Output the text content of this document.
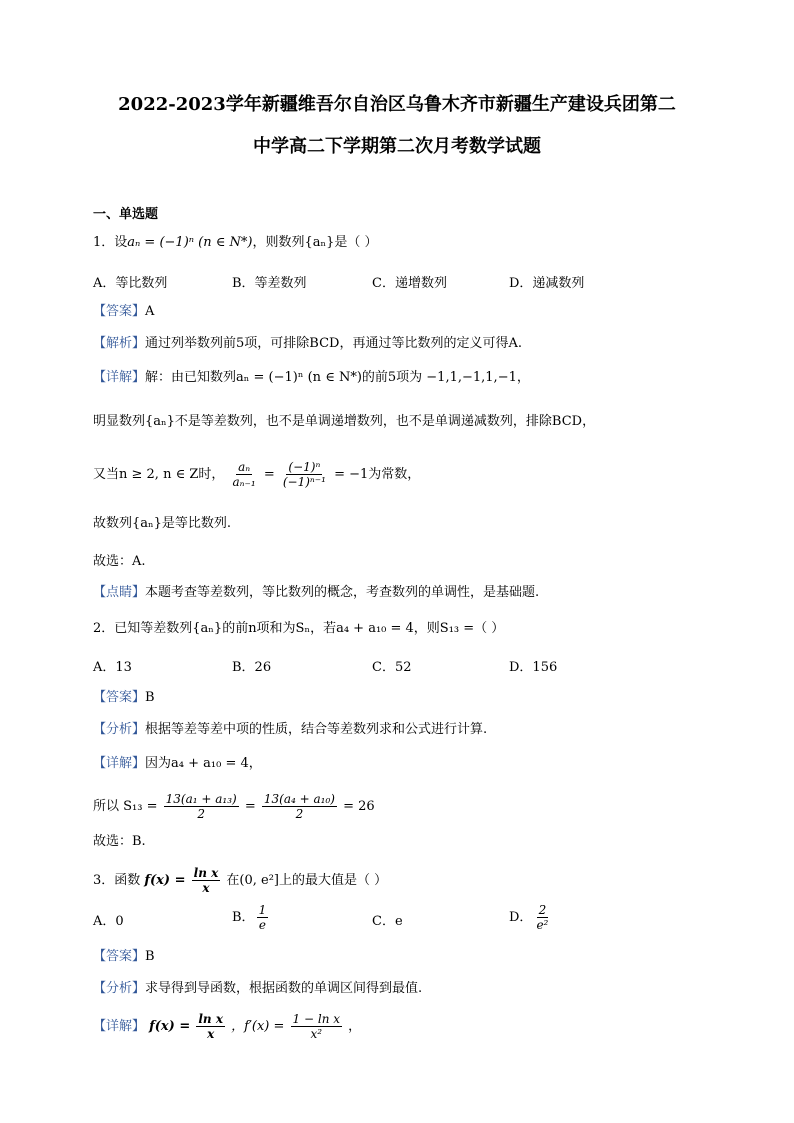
2022-2023学年新疆维吾尔自治区乌鲁木齐市新疆生产建设兵团第二
中学高二下学期第二次月考数学试题
一、单选题
1．设aₙ = (−1)ⁿ (n ∈ N*)，则数列{aₙ}是（ ）
A．等比数列	B．等差数列	C．递增数列	D．递减数列
【答案】A
【解析】通过列举数列前5项，可排除BCD，再通过等比数列的定义可得A.
【详解】解：由已知数列aₙ = (−1)ⁿ (n ∈ N*)的前5项为 −1,1,−1,1,−1，
明显数列{aₙ}不是等差数列，也不是单调递增数列，也不是单调递减数列，排除BCD，
又当n ≥ 2, n ∈ Z时， $\frac{\text{aₙ}}{\text{aₙ₋₁}} = \frac{\text{(−1)ⁿ}}{\text{(−1)ⁿ⁻¹}} = -1$为常数，
故数列{aₙ}是等比数列.
故选：A.
【点睛】本题考查等差数列，等比数列的概念，考查数列的单调性，是基础题.
2．已知等差数列{aₙ}的前n项和为Sₙ，若a₄ + a₁₀ = 4，则S₁₃ =（ ）
A．13	B．26	C．52	D．156
【答案】B
【分析】根据等差等差中项的性质，结合等差数列求和公式进行计算.
【详解】因为a₄ + a₁₀ = 4，
所以 $S_{13} = \frac{\text{13(a₁ + a₁₃)}}{2} = \frac{\text{13(a₄ + a₁₀)}}{2} = 26$
故选：B.
3．函数 $f(x) = \frac{\text{ln x}}{x}$ 在(0, e²]上的最大值是（ ）
A．0	B． $\frac{1}{e}$	C．e	D． $\frac{2}{\text{e²}}$
【答案】B
【分析】求导得到导函数，根据函数的单调区间得到最值.
【详解】 $f(x) = \frac{\text{ln x}}{x}$ ，$f'(x) = \frac{\text{1 − ln x}}{\text{x²}}$ ，
